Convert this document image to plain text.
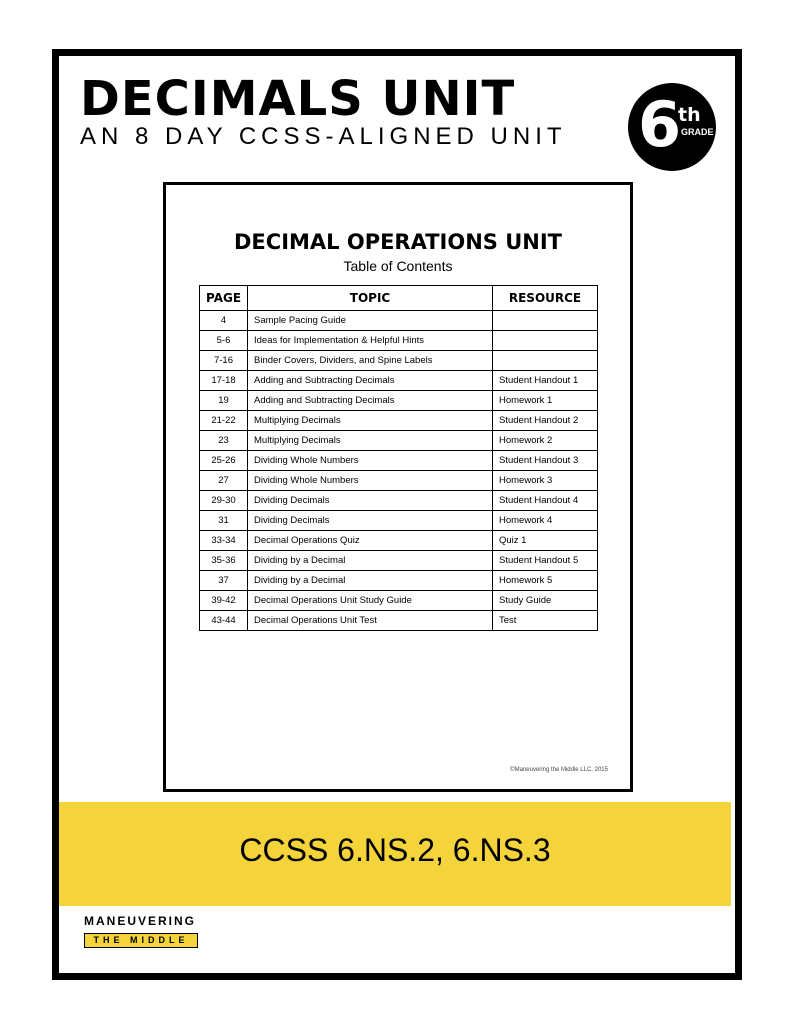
DECIMALS UNIT

AN 8 DAY CCSS-ALIGNED UNIT 6
th
GRADE
DECIMAL OPERATIONS UNIT

Table of Contents

PAGE	TOPIC	RESOURCE
4	Sample Pacing Guide	
5-6	Ideas for Implementation & Helpful Hints	
7-16	Binder Covers, Dividers, and Spine Labels	
17-18	Adding and Subtracting Decimals	Student Handout 1
19	Adding and Subtracting Decimals	Homework 1
21-22	Multiplying Decimals	Student Handout 2
23	Multiplying Decimals	Homework 2
25-26	Dividing Whole Numbers	Student Handout 3
27	Dividing Whole Numbers	Homework 3
29-30	Dividing Decimals	Student Handout 4
31	Dividing Decimals	Homework 4
33-34	Decimal Operations Quiz	Quiz 1
35-36	Dividing by a Decimal	Student Handout 5
37	Dividing by a Decimal	Homework 5
39-42	Decimal Operations Unit Study Guide	Study Guide
43-44	Decimal Operations Unit Test	Test

©Maneuvering the Middle LLC, 2015

CCSS 6.NS.2, 6.NS.3

MANEUVERING
THE MIDDLE
